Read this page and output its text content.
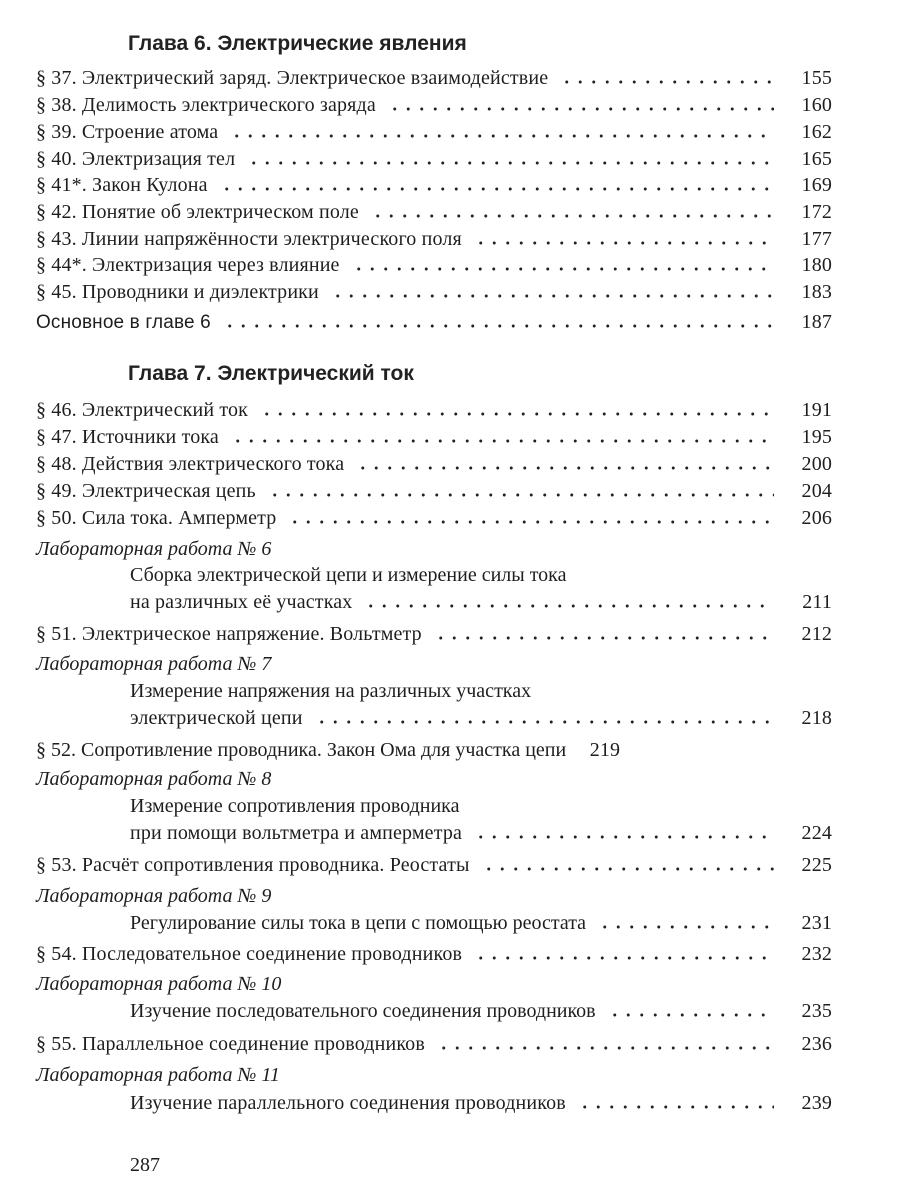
Глава 6. Электрические явления
§ 37. Электрический заряд. Электрическое взаимодействие	155
§ 38. Делимость электрического заряда	160
§ 39. Строение атома	162
§ 40. Электризация тел	165
§ 41*. Закон Кулона	169
§ 42. Понятие об электрическом поле	172
§ 43. Линии напряжённости электрического поля	177
§ 44*. Электризация через влияние	180
§ 45. Проводники и диэлектрики	183
Основное в главе 6	187
Глава 7. Электрический ток
§ 46. Электрический ток	191
§ 47. Источники тока	195
§ 48. Действия электрического тока	200
§ 49. Электрическая цепь	204
§ 50. Сила тока. Амперметр	206
Лабораторная работа № 6
Сборка электрической цепи и измерение силы тока
на различных её участках	211
§ 51. Электрическое напряжение. Вольтметр	212
Лабораторная работа № 7
Измерение напряжения на различных участках
электрической цепи	218
§ 52. Сопротивление проводника. Закон Ома для участка цепи	219
Лабораторная работа № 8
Измерение сопротивления проводника
при помощи вольтметра и амперметра	224
§ 53. Расчёт сопротивления проводника. Реостаты	225
Лабораторная работа № 9
Регулирование силы тока в цепи с помощью реостата	231
§ 54. Последовательное соединение проводников	232
Лабораторная работа № 10
Изучение последовательного соединения проводников	235
§ 55. Параллельное соединение проводников	236
Лабораторная работа № 11
Изучение параллельного соединения проводников	239
287
